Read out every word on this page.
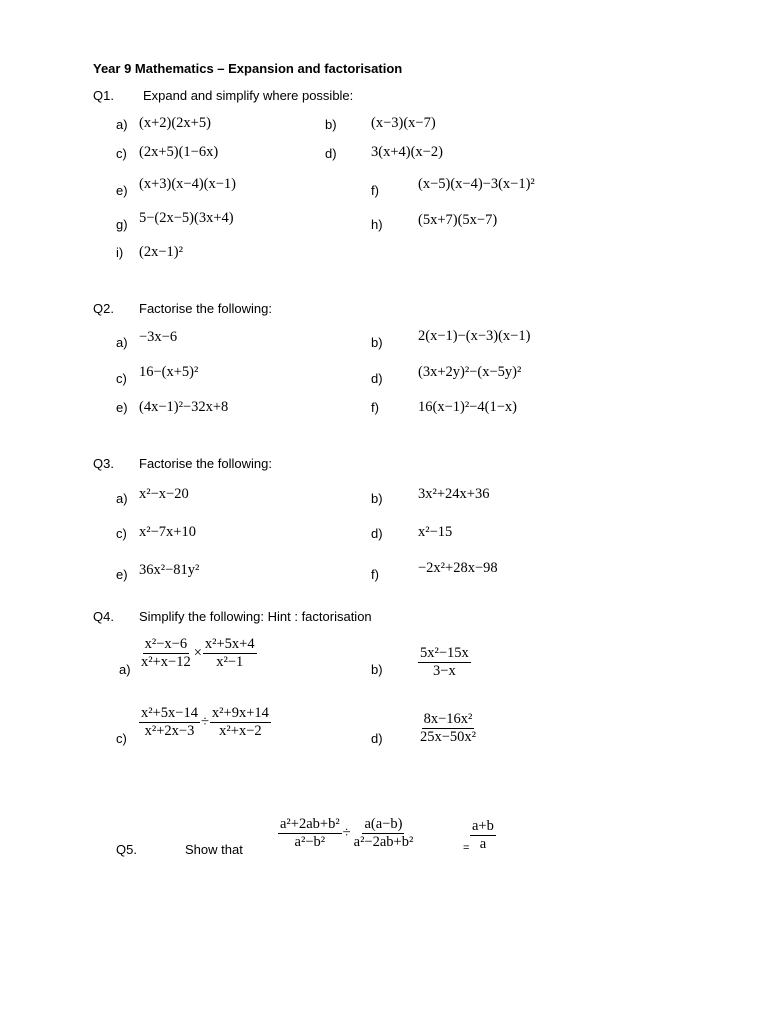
Year 9 Mathematics – Expansion and factorisation
Q1. Expand and simplify where possible:
a) (x+2)(2x+5)	b) (x−3)(x−7)
c) (2x+5)(1−6x)	d) 3(x+4)(x−2)
e) (x+3)(x−4)(x−1)	f)	(x−5)(x−4)−3(x−1)²
g) 5−(2x−5)(3x+4)	h) (5x+7)(5x−7)
i) (2x−1)²
Q2. Factorise the following:
a) −3x−6	b) 2(x−1)−(x−3)(x−1)
c) 16−(x+5)²	d) (3x+2y)²−(x−5y)²
e) (4x−1)²−32x+8	f)	16(x−1)²−4(1−x)
Q3. Factorise the following:
a) x²−x−20	b) 3x²+24x+36
c) x²−7x+10	d) x²−15
e) 36x²−81y²	f)	−2x²+28x−98
Q4. Simplify the following: Hint : factorisation
$a) \frac{\text{x²−x−6}}{\text{x²+x−12}} \times \frac{\text{x²+5x+4}}{\text{x²−1}}$	$b) \frac{\text{5x²−15x}}{3-x}$
$c) \frac{\text{x²+5x−14}}{\text{x²+2x−3}} \div \frac{\text{x²+9x+14}}{\text{x²+x−2}}$	$d) \frac{\text{8x−16x²}}{\text{25x−50x²}}$
Q5.	Show that $\frac{\text{a²+2ab+b²}}{\text{a²−b²}} \div \frac{a(a-b)}{\text{a²−2ab+b²}}$	= $\frac{a+b}{a}$
